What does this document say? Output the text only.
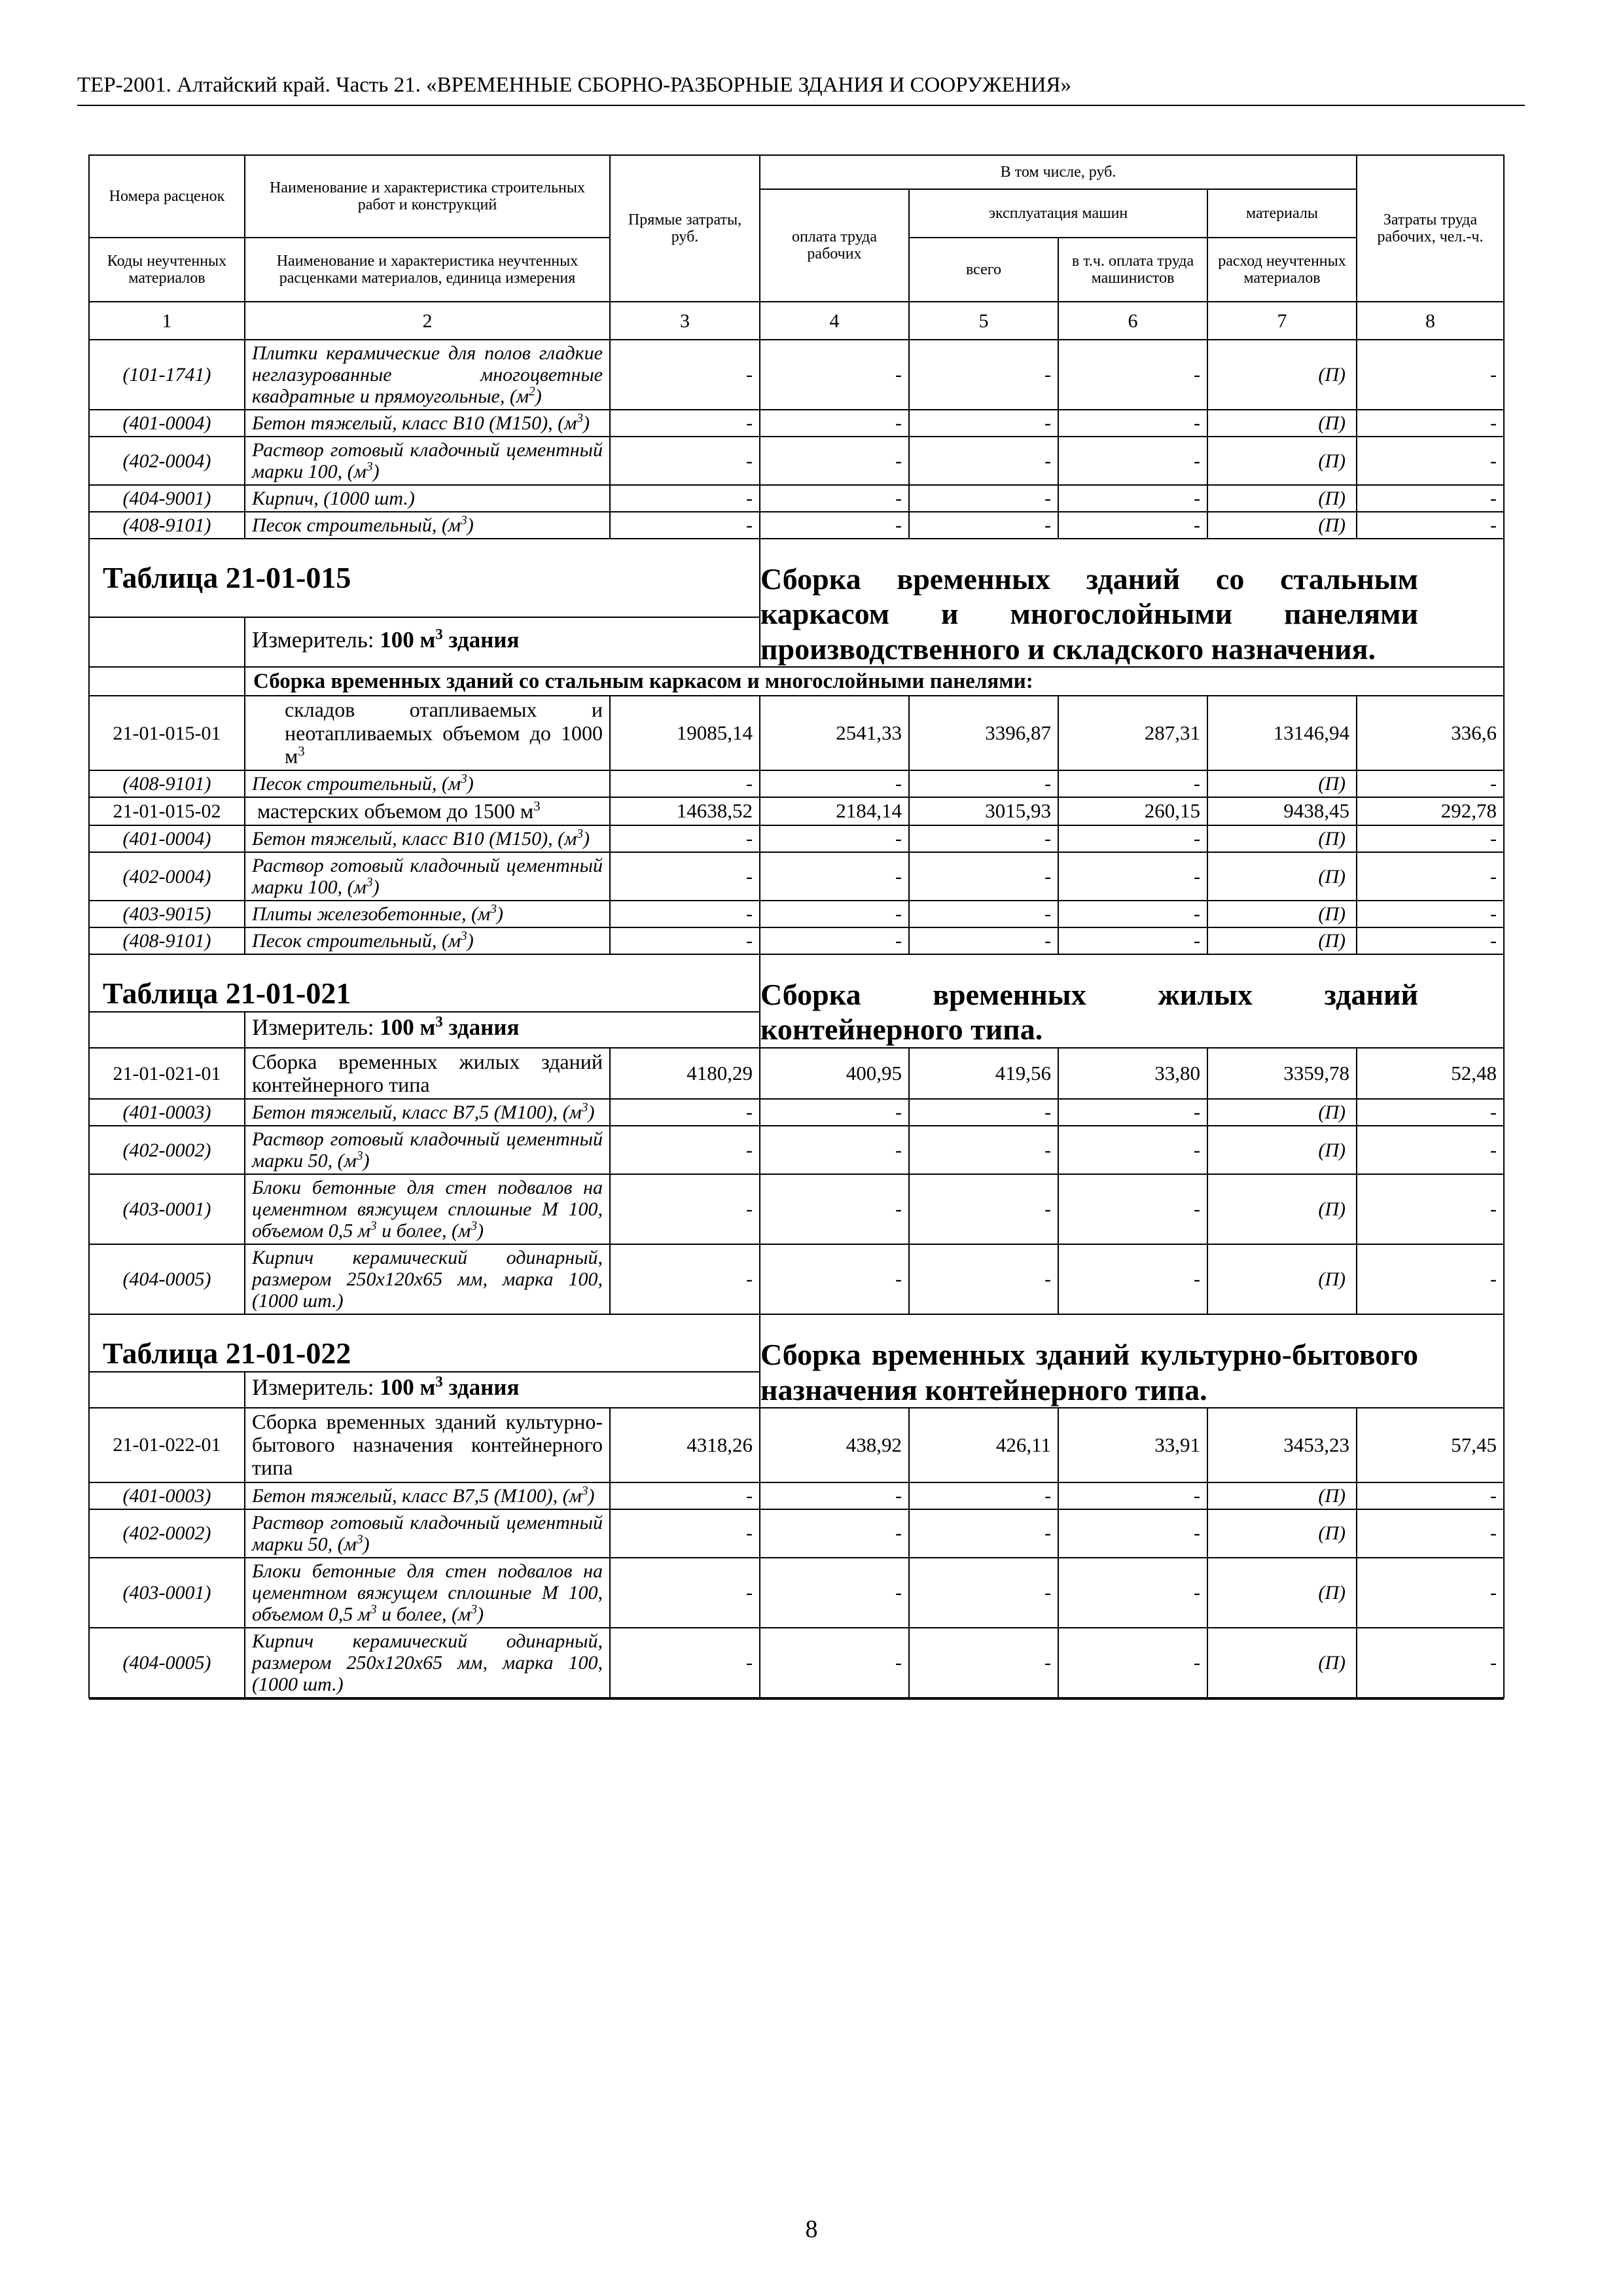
ТЕР-2001. Алтайский край. Часть 21. «ВРЕМЕННЫЕ СБОРНО-РАЗБОРНЫЕ ЗДАНИЯ И СООРУЖЕНИЯ»
Номера расценок	Наименование и характеристика строительных работ и конструкций	Прямые затраты, руб.	В том числе, руб.				Затраты труда рабочих, чел.-ч.
			оплата труда рабочих	эксплуатация машин		материалы	
Коды неучтенных материалов	Наименование и характеристика неучтенных расценками материалов, единица измерения			всего	в т.ч. оплата труда машинистов	расход неучтенных материалов	
1	2	3	4	5	6	7	8
(101-1741)	Плитки керамические для полов гладкие неглазурованные многоцветные квадратные и прямоугольные, $(м^2)$	-	-	-	-	(П)	-
(401-0004)	Бетон тяжелый, класс В10 (М150), $(м^3)$	-	-	-	-	(П)	-
(402-0004)	Раствор готовый кладочный цементный марки 100, $(м^3)$	-	-	-	-	(П)	-
(404-9001)	Кирпич, (1000 шт.)	-	-	-	-	(П)	-
(408-9101)	Песок строительный, $(м^3)$	-	-	-	-	(П)	-
Таблица 21-01-015			Сборка временных зданий со стальным каркасом и многослойными панелями производственного и складского назначения.				
	Измеритель: 100 $м^3$ здания						
	Сборка временных зданий со стальным каркасом и многослойными панелями:						
21-01-015-01	складов отапливаемых и неотапливаемых объемом до 1000 $м^3$	19085,14	2541,33	3396,87	287,31	13146,94	336,6
(408-9101)	Песок строительный, $(м^3)$	-	-	-	-	(П)	-
21-01-015-02	мастерских объемом до 1500 $м^3$	14638,52	2184,14	3015,93	260,15	9438,45	292,78
(401-0004)	Бетон тяжелый, класс В10 (М150), $(м^3)$	-	-	-	-	(П)	-
(402-0004)	Раствор готовый кладочный цементный марки 100, $(м^3)$	-	-	-	-	(П)	-
(403-9015)	Плиты железобетонные, $(м^3)$	-	-	-	-	(П)	-
(408-9101)	Песок строительный, $(м^3)$	-	-	-	-	(П)	-
Таблица 21-01-021			Сборка временных жилых зданий контейнерного типа.				
	Измеритель: 100 $м^3$ здания						
21-01-021-01	Сборка временных жилых зданий контейнерного типа	4180,29	400,95	419,56	33,80	3359,78	52,48
(401-0003)	Бетон тяжелый, класс В7,5 (М100), $(м^3)$	-	-	-	-	(П)	-
(402-0002)	Раствор готовый кладочный цементный марки 50, $(м^3)$	-	-	-	-	(П)	-
(403-0001)	Блоки бетонные для стен подвалов на цементном вяжущем сплошные М 100, объемом 0,5 $м^3$ и более, $(м^3)$	-	-	-	-	(П)	-
(404-0005)	Кирпич керамический одинарный, размером 250х120х65 мм, марка 100, (1000 шт.)	-	-	-	-	(П)	-
Таблица 21-01-022			Сборка временных зданий культурно-бытового назначения контейнерного типа.				
	Измеритель: 100 $м^3$ здания						
21-01-022-01	Сборка временных зданий культурно-бытового назначения контейнерного типа	4318,26	438,92	426,11	33,91	3453,23	57,45
(401-0003)	Бетон тяжелый, класс В7,5 (М100), $(м^3)$	-	-	-	-	(П)	-
(402-0002)	Раствор готовый кладочный цементный марки 50, $(м^3)$	-	-	-	-	(П)	-
(403-0001)	Блоки бетонные для стен подвалов на цементном вяжущем сплошные М 100, объемом 0,5 $м^3$ и более, $(м^3)$	-	-	-	-	(П)	-
(404-0005)	Кирпич керамический одинарный, размером 250х120х65 мм, марка 100, (1000 шт.)	-	-	-	-	(П)	-

8
